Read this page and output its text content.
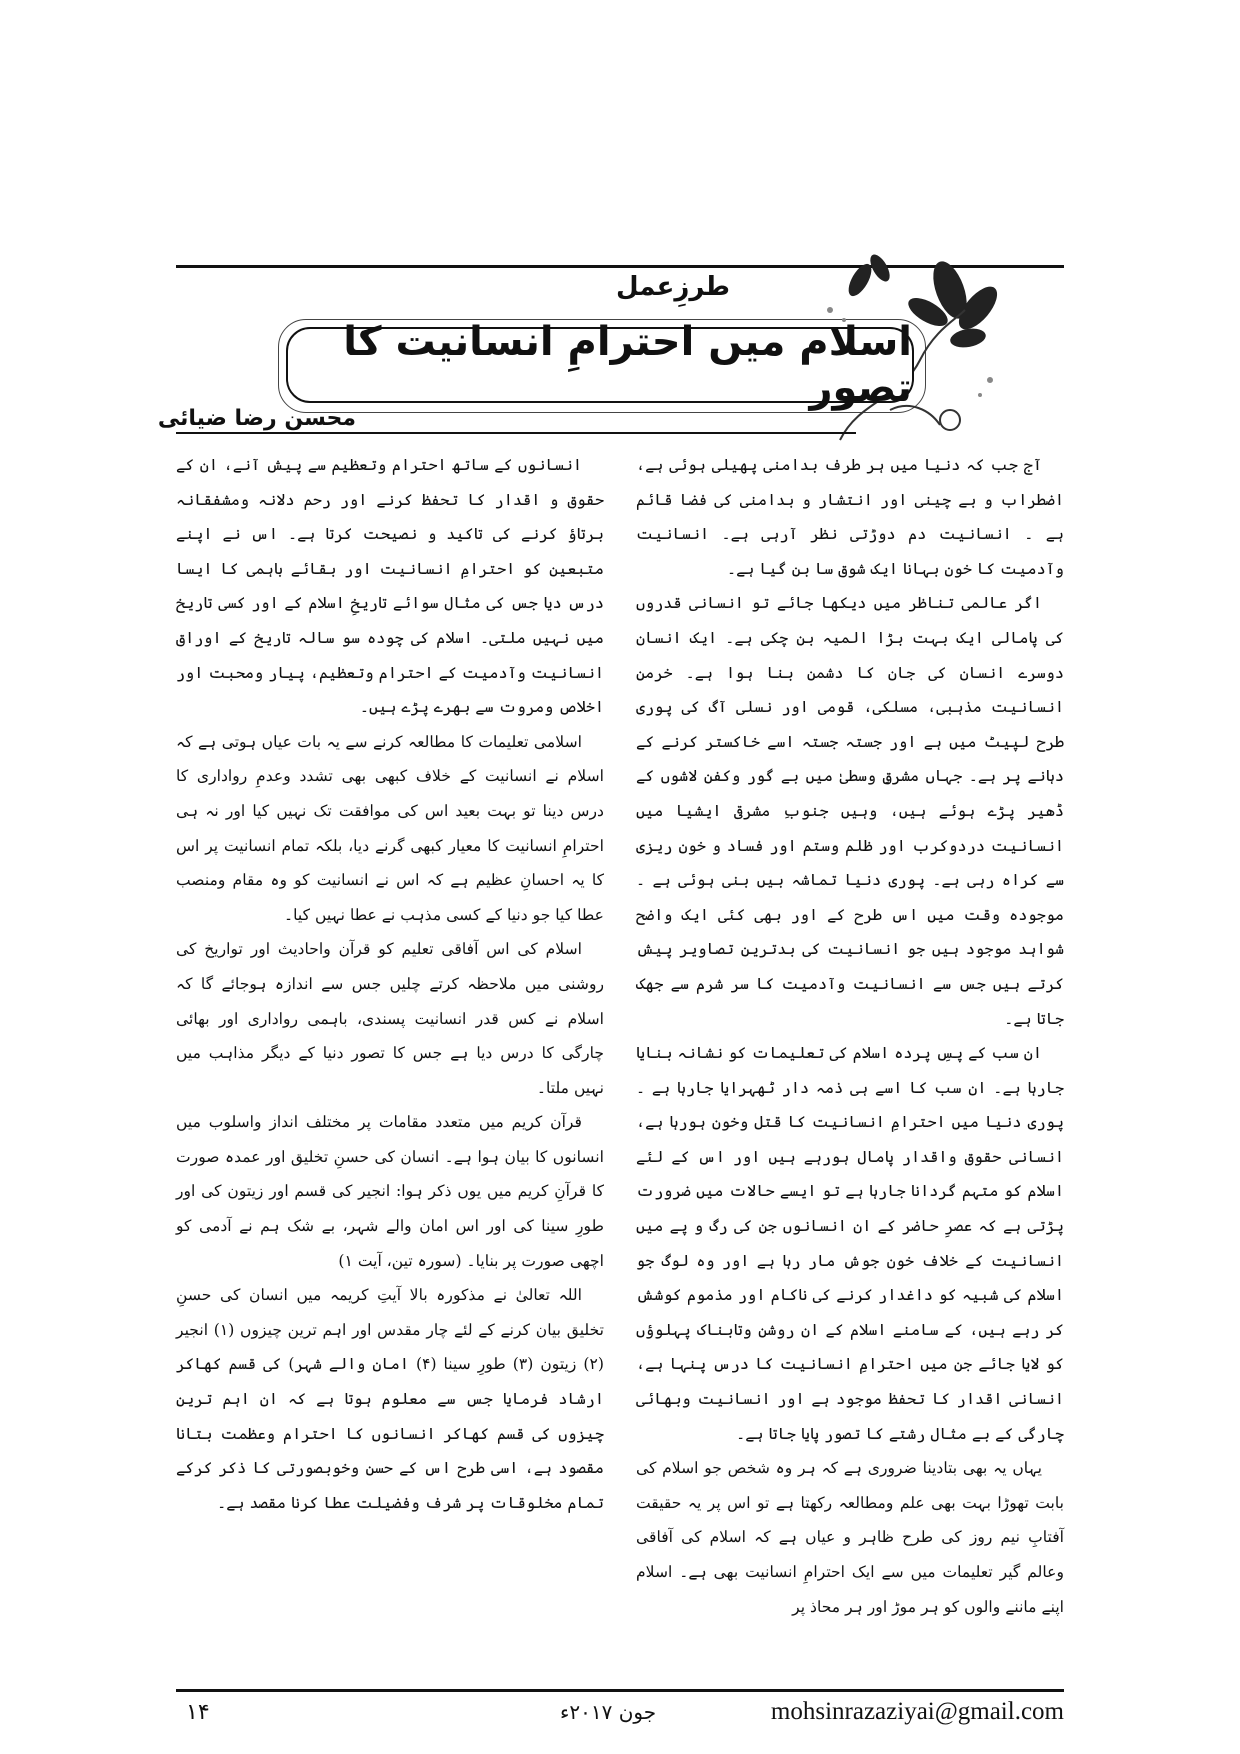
طرزِعمل
اسلام میں احترامِ انسانیت کا تصور
محسن رضا ضیائی

آج جب کہ دنیا میں ہر طرف بدامنی پھیلی ہوئی ہے، اضطراب و بے چینی اور انتشار و بدامنی کی فضا قائم ہے ۔ انسانیت دم دوڑتی نظر آرہی ہے۔ انسانیت وآدمیت کا خون بہانا ایک شوق سا بن گیا ہے۔

اگر عالمی تناظر میں دیکھا جائے تو انسانی قدروں کی پامالی ایک بہت بڑا المیہ بن چکی ہے۔ ایک انسان دوسرے انسان کی جان کا دشمن بنا ہوا ہے۔ خرمنِ انسانیت مذہبی، مسلکی، قومی اور نسلی آگ کی پوری طرح لپیٹ میں ہے اور جستہ جستہ اسے خاکستر کرنے کے دہانے پر ہے۔ جہاں مشرقِ وسطیٰ میں بے گور وکفن لاشوں کے ڈھیر پڑے ہوئے ہیں، وہیں جنوبِ مشرقی ایشیا میں انسانیت دردوکرب اور ظلم وستم اور فساد و خون ریزی سے کراہ رہی ہے۔ پوری دنیا تماشہ بیں بنی ہوئی ہے ۔ موجودہ وقت میں اس طرح کے اور بھی کئی ایک واضح شواہد موجود ہیں جو انسانیت کی بدترین تصاویر پیش کرتے ہیں جس سے انسانیت وآدمیت کا سر شرم سے جھک جاتا ہے۔

ان سب کے پسِ پردہ اسلام کی تعلیمات کو نشانہ بنایا جارہا ہے۔ ان سب کا اسے ہی ذمہ دار ٹھہرایا جارہا ہے ۔ پوری دنیا میں احترامِ انسانیت کا قتل وخون ہورہا ہے، انسانی حقوق واقدار پامال ہورہے ہیں اور اس کے لئے اسلام کو متہم گردانا جارہا ہے تو ایسے حالات میں ضرورت پڑتی ہے کہ عصرِ حاضر کے ان انسانوں جن کی رگ و پے میں انسانیت کے خلاف خون جوش مار رہا ہے اور وہ لوگ جو اسلام کی شبیہ کو داغدار کرنے کی ناکام اور مذموم کوشش کر رہے ہیں، کے سامنے اسلام کے ان روشن وتابناک پہلوؤں کو لایا جائے جن میں احترامِ انسانیت کا درس پنہا ہے، انسانی اقدار کا تحفظ موجود ہے اور انسانیت وبھائی چارگی کے بے مثال رشتے کا تصور پایا جاتا ہے۔

یہاں یہ بھی بتادینا ضروری ہے کہ ہر وہ شخص جو اسلام کی بابت تھوڑا بہت بھی علم ومطالعہ رکھتا ہے تو اس پر یہ حقیقت آفتابِ نیم روز کی طرح ظاہر و عیاں ہے کہ اسلام کی آفاقی وعالم گیر تعلیمات میں سے ایک احترامِ انسانیت بھی ہے۔ اسلام اپنے ماننے والوں کو ہر موڑ اور ہر محاذ پر

انسانوں کے ساتھ احترام وتعظیم سے پیش آنے، ان کے حقوق و اقدار کا تحفظ کرنے اور رحم دلانہ ومشفقانہ برتاؤ کرنے کی تاکید و نصیحت کرتا ہے۔ اس نے اپنے متبعین کو احترامِ انسانیت اور بقائے باہمی کا ایسا درس دیا جس کی مثال سوائے تاریخِ اسلام کے اور کسی تاریخ میں نہیں ملتی۔ اسلام کی چودہ سو سالہ تاریخ کے اوراق انسانیت وآدمیت کے احترام وتعظیم، پیار ومحبت اور اخلاص ومروت سے بھرے پڑے ہیں۔

اسلامی تعلیمات کا مطالعہ کرنے سے یہ بات عیاں ہوتی ہے کہ اسلام نے انسانیت کے خلاف کبھی بھی تشدد وعدمِ رواداری کا درس دینا تو بہت بعید اس کی موافقت تک نہیں کیا اور نہ ہی احترامِ انسانیت کا معیار کبھی گرنے دیا، بلکہ تمام انسانیت پر اس کا یہ احسانِ عظیم ہے کہ اس نے انسانیت کو وہ مقام ومنصب عطا کیا جو دنیا کے کسی مذہب نے عطا نہیں کیا۔

اسلام کی اس آفاقی تعلیم کو قرآن واحادیث اور تواریخ کی روشنی میں ملاحظہ کرتے چلیں جس سے اندازہ ہوجائے گا کہ اسلام نے کس قدر انسانیت پسندی، باہمی رواداری اور بھائی چارگی کا درس دیا ہے جس کا تصور دنیا کے دیگر مذاہب میں نہیں ملتا۔

قرآن کریم میں متعدد مقامات پر مختلف انداز واسلوب میں انسانوں کا بیان ہوا ہے۔ انسان کی حسنِ تخلیق اور عمدہ صورت کا قرآنِ کریم میں یوں ذکر ہوا: انجیر کی قسم اور زیتون کی اور طورِ سینا کی اور اس امان والے شہر، بے شک ہم نے آدمی کو اچھی صورت پر بنایا۔ (سورہ تین، آیت ۱)

اللہ تعالیٰ نے مذکورہ بالا آیتِ کریمہ میں انسان کی حسنِ تخلیق بیان کرنے کے لئے چار مقدس اور اہم ترین چیزوں (۱) انجیر (۲) زیتون (۳) طورِ سینا (۴) امان والے شہر) کی قسم کھاکر ارشاد فرمایا جس سے معلوم ہوتا ہے کہ ان اہم ترین چیزوں کی قسم کھاکر انسانوں کا احترام وعظمت بتانا مقصود ہے، اسی طرح اس کے حسن وخوبصورتی کا ذکر کرکے تمام مخلوقات پر شرف وفضیلت عطا کرنا مقصد ہے۔

۱۴	جون ۲۰۱۷ء	mohsinrazaziyai@gmail.com
